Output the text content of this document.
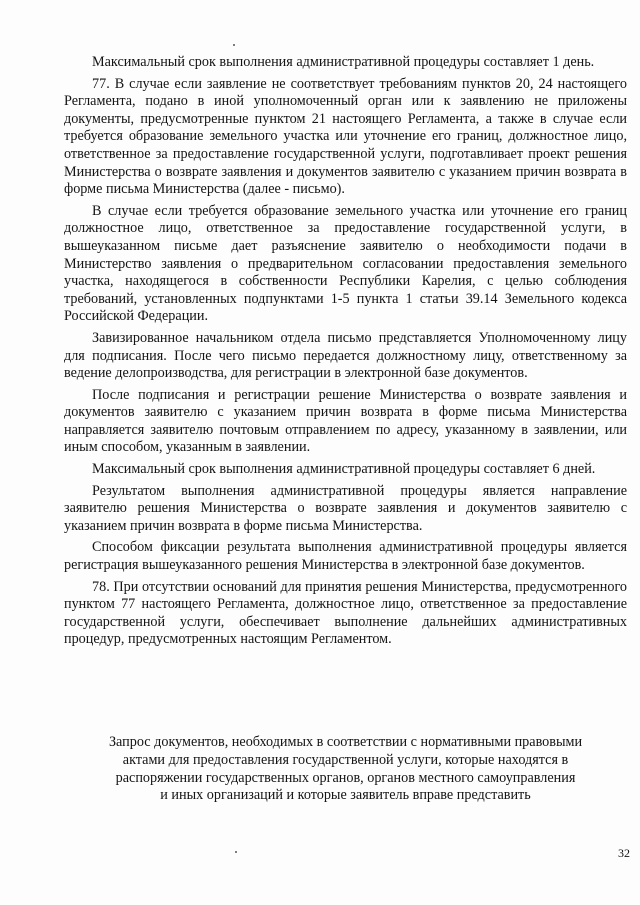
Максимальный срок выполнения административной процедуры составляет 1 день.

77. В случае если заявление не соответствует требованиям пунктов 20, 24 настоящего Регламента, подано в иной уполномоченный орган или к заявлению не приложены документы, предусмотренные пунктом 21 настоящего Регламента, а также в случае если требуется образование земельного участка или уточнение его границ, должностное лицо, ответственное за предоставление государственной услуги, подготавливает проект решения Министерства о возврате заявления и документов заявителю с указанием причин возврата в форме письма Министерства (далее - письмо).

В случае если требуется образование земельного участка или уточнение его границ должностное лицо, ответственное за предоставление государственной услуги, в вышеуказанном письме дает разъяснение заявителю о необходимости подачи в Министерство заявления о предварительном согласовании предоставления земельного участка, находящегося в собственности Республики Карелия, с целью соблюдения требований, установленных подпунктами 1-5 пункта 1 статьи 39.14 Земельного кодекса Российской Федерации.

Завизированное начальником отдела письмо представляется Уполномоченному лицу для подписания. После чего письмо передается должностному лицу, ответственному за ведение делопроизводства, для регистрации в электронной базе документов.

После подписания и регистрации решение Министерства о возврате заявления и документов заявителю с указанием причин возврата в форме письма Министерства направляется заявителю почтовым отправлением по адресу, указанному в заявлении, или иным способом, указанным в заявлении.

Максимальный срок выполнения административной процедуры составляет 6 дней.

Результатом выполнения административной процедуры является направление заявителю решения Министерства о возврате заявления и документов заявителю с указанием причин возврата в форме письма Министерства.

Способом фиксации результата выполнения административной процедуры является регистрация вышеуказанного решения Министерства в электронной базе документов.

78. При отсутствии оснований для принятия решения Министерства, предусмотренного пунктом 77 настоящего Регламента, должностное лицо, ответственное за предоставление государственной услуги, обеспечивает выполнение дальнейших административных процедур, предусмотренных настоящим Регламентом.

Запрос документов, необходимых в соответствии с нормативными правовыми
актами для предоставления государственной услуги, которые находятся в
распоряжении государственных органов, органов местного самоуправления
и иных организаций и которые заявитель вправе представить
32
